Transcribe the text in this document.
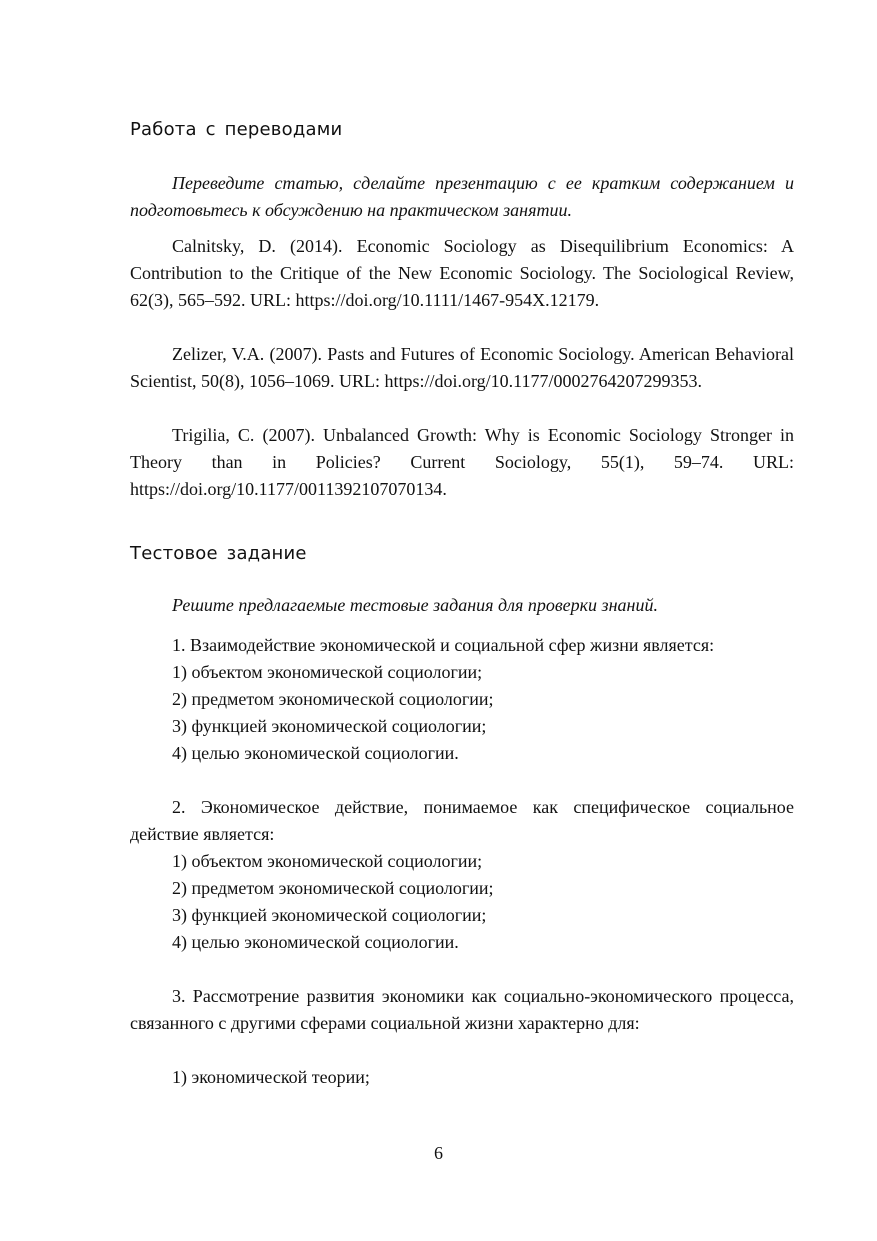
Работа с переводами

Переведите статью, сделайте презентацию с ее кратким содержанием и подготовьтесь к обсуждению на практическом занятии.

Calnitsky, D. (2014). Economic Sociology as Disequilibrium Economics: A Contribution to the Critique of the New Economic Sociology. The Sociological Review, 62(3), 565–592. URL: https://doi.org/10.1111/1467-954X.12179.

Zelizer, V.A. (2007). Pasts and Futures of Economic Sociology. American Behavioral Scientist, 50(8), 1056–1069. URL: https://doi.org/10.1177/0002764207299353.

Trigilia, C. (2007). Unbalanced Growth: Why is Economic Sociology Stronger in Theory than in Policies? Current Sociology, 55(1), 59–74. URL: https://doi.org/10.1177/0011392107070134.

Тестовое задание

Решите предлагаемые тестовые задания для проверки знаний.

1. Взаимодействие экономической и социальной сфер жизни является:
1) объектом экономической социологии;
2) предметом экономической социологии;
3) функцией экономической социологии;
4) целью экономической социологии.

2. Экономическое действие, понимаемое как специфическое социальное действие является:

1) объектом экономической социологии;
2) предметом экономической социологии;
3) функцией экономической социологии;
4) целью экономической социологии.

3. Рассмотрение развития экономики как социально-экономического процесса, связанного с другими сферами социальной жизни характерно для:

1) экономической теории;
6
